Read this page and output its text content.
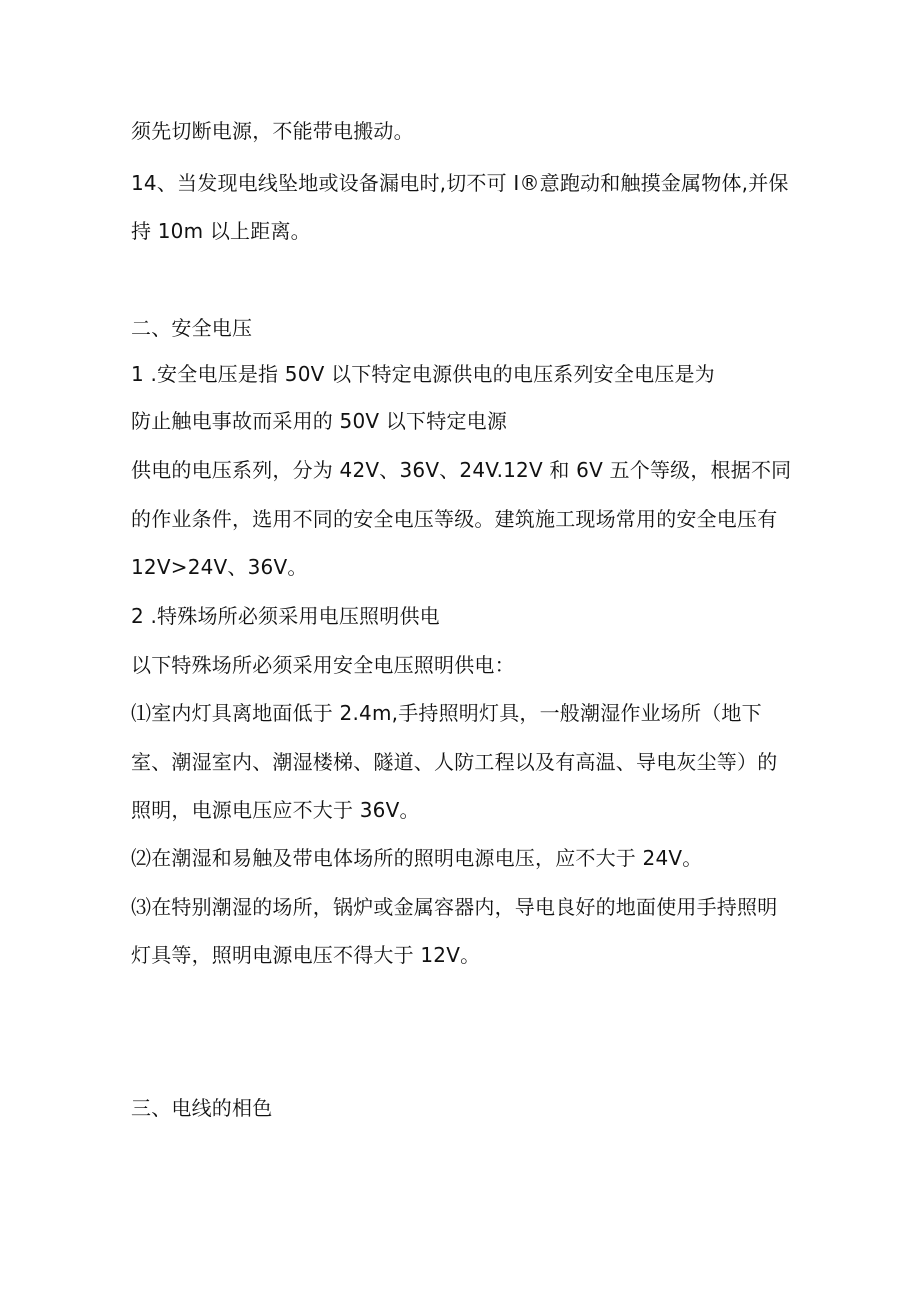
须先切断电源，不能带电搬动。
14、当发现电线坠地或设备漏电时,切不可 I®意跑动和触摸金属物体,并保
持 10m 以上距离。
二、安全电压
1 .安全电压是指 50V 以下特定电源供电的电压系列安全电压是为
防止触电事故而采用的 50V 以下特定电源
供电的电压系列，分为 42V、36V、24V.12V 和 6V 五个等级，根据不同
的作业条件，选用不同的安全电压等级。建筑施工现场常用的安全电压有
12V>24V、36V。
2 .特殊场所必须采用电压照明供电
以下特殊场所必须采用安全电压照明供电：
⑴室内灯具离地面低于 2.4m,手持照明灯具，一般潮湿作业场所（地下
室、潮湿室内、潮湿楼梯、隧道、人防工程以及有高温、导电灰尘等）的
照明，电源电压应不大于 36V。
⑵在潮湿和易触及带电体场所的照明电源电压，应不大于 24V。
⑶在特别潮湿的场所，锅炉或金属容器内，导电良好的地面使用手持照明
灯具等，照明电源电压不得大于 12V。
三、电线的相色
